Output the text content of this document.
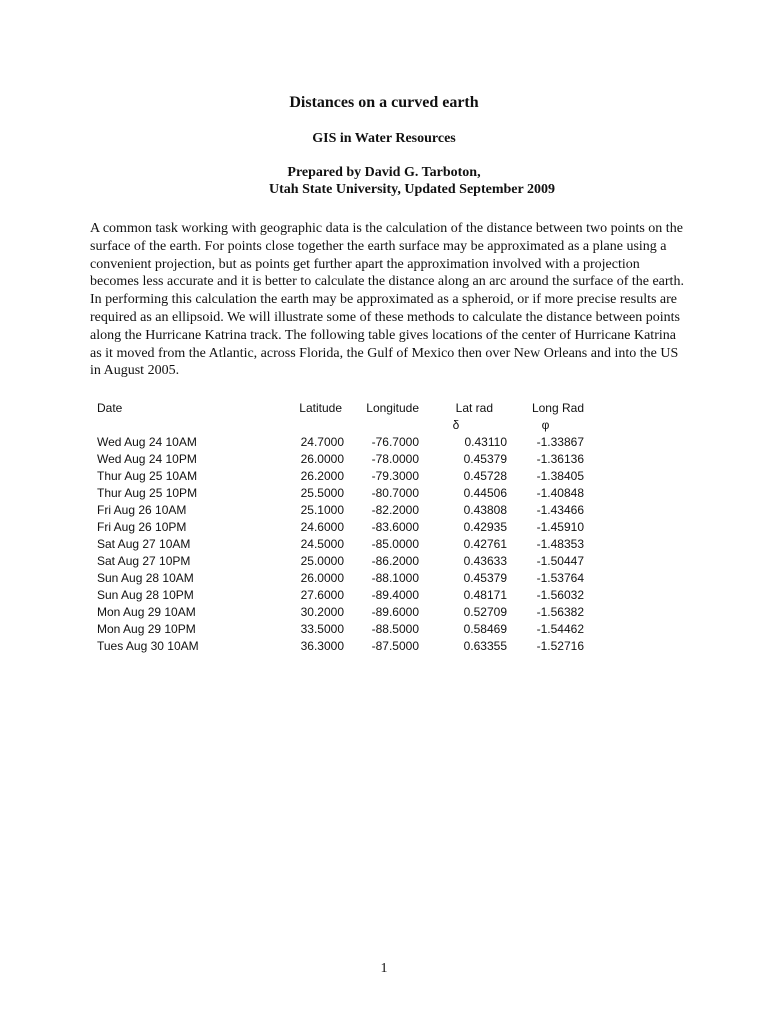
Distances on a curved earth
GIS in Water Resources
Prepared by David G. Tarboton,
Utah State University, Updated September 2009

A common task working with geographic data is the calculation of the distance between two points on the surface of the earth. For points close together the earth surface may be approximated as a plane using a convenient projection, but as points get further apart the approximation involved with a projection becomes less accurate and it is better to calculate the distance along an arc around the surface of the earth. In performing this calculation the earth may be approximated as a spheroid, or if more precise results are required as an ellipsoid. We will illustrate some of these methods to calculate the distance between points along the Hurricane Katrina track. The following table gives locations of the center of Hurricane Katrina as it moved from the Atlantic, across Florida, the Gulf of Mexico then over New Orleans and into the US in August 2005.

Date	Latitude	Longitude	Lat rad	Long Rad
			δ	φ
Wed Aug 24 10AM	24.7000	-76.7000	0.43110	-1.33867
Wed Aug 24 10PM	26.0000	-78.0000	0.45379	-1.36136
Thur Aug 25 10AM	26.2000	-79.3000	0.45728	-1.38405
Thur Aug 25 10PM	25.5000	-80.7000	0.44506	-1.40848
Fri Aug 26 10AM	25.1000	-82.2000	0.43808	-1.43466
Fri Aug 26 10PM	24.6000	-83.6000	0.42935	-1.45910
Sat Aug 27 10AM	24.5000	-85.0000	0.42761	-1.48353
Sat Aug 27 10PM	25.0000	-86.2000	0.43633	-1.50447
Sun Aug 28 10AM	26.0000	-88.1000	0.45379	-1.53764
Sun Aug 28 10PM	27.6000	-89.4000	0.48171	-1.56032
Mon Aug 29 10AM	30.2000	-89.6000	0.52709	-1.56382
Mon Aug 29 10PM	33.5000	-88.5000	0.58469	-1.54462
Tues Aug 30 10AM	36.3000	-87.5000	0.63355	-1.52716
1
